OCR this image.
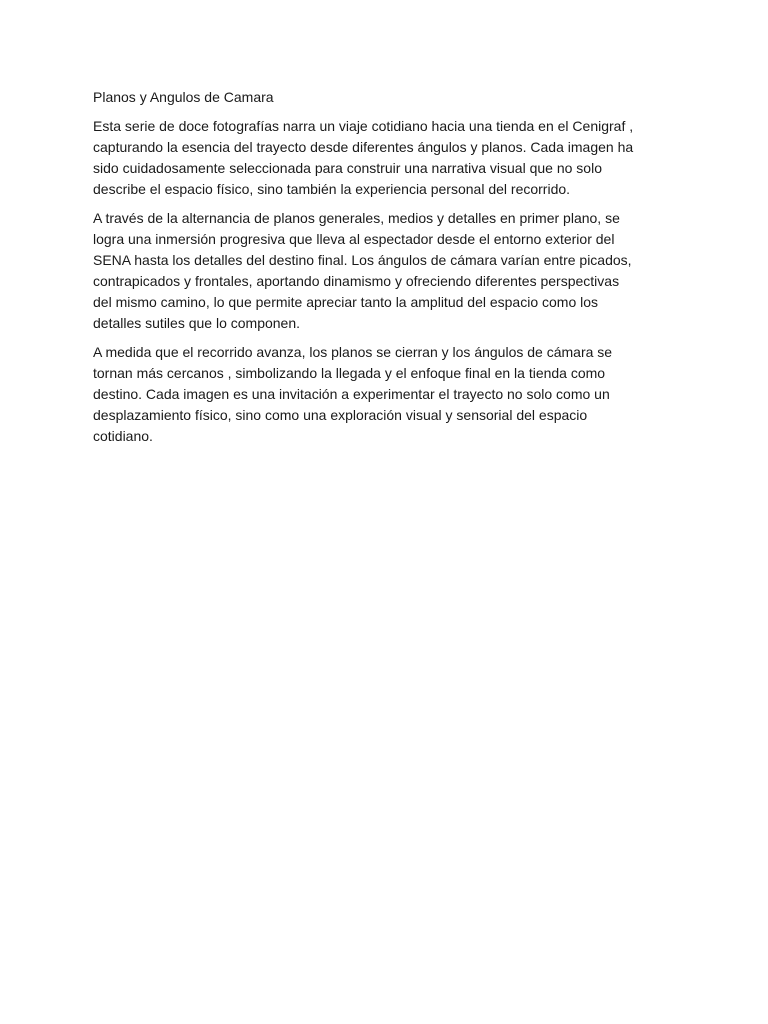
Planos y Angulos de Camara
Esta serie de doce fotografías narra un viaje cotidiano hacia una tienda en el Cenigraf ,
capturando la esencia del trayecto desde diferentes ángulos y planos. Cada imagen ha
sido cuidadosamente seleccionada para construir una narrativa visual que no solo
describe el espacio físico, sino también la experiencia personal del recorrido.
A través de la alternancia de planos generales, medios y detalles en primer plano, se
logra una inmersión progresiva que lleva al espectador desde el entorno exterior del
SENA hasta los detalles del destino final. Los ángulos de cámara varían entre picados,
contrapicados y frontales, aportando dinamismo y ofreciendo diferentes perspectivas
del mismo camino, lo que permite apreciar tanto la amplitud del espacio como los
detalles sutiles que lo componen.
A medida que el recorrido avanza, los planos se cierran y los ángulos de cámara se
tornan más cercanos , simbolizando la llegada y el enfoque final en la tienda como
destino. Cada imagen es una invitación a experimentar el trayecto no solo como un
desplazamiento físico, sino como una exploración visual y sensorial del espacio
cotidiano.
